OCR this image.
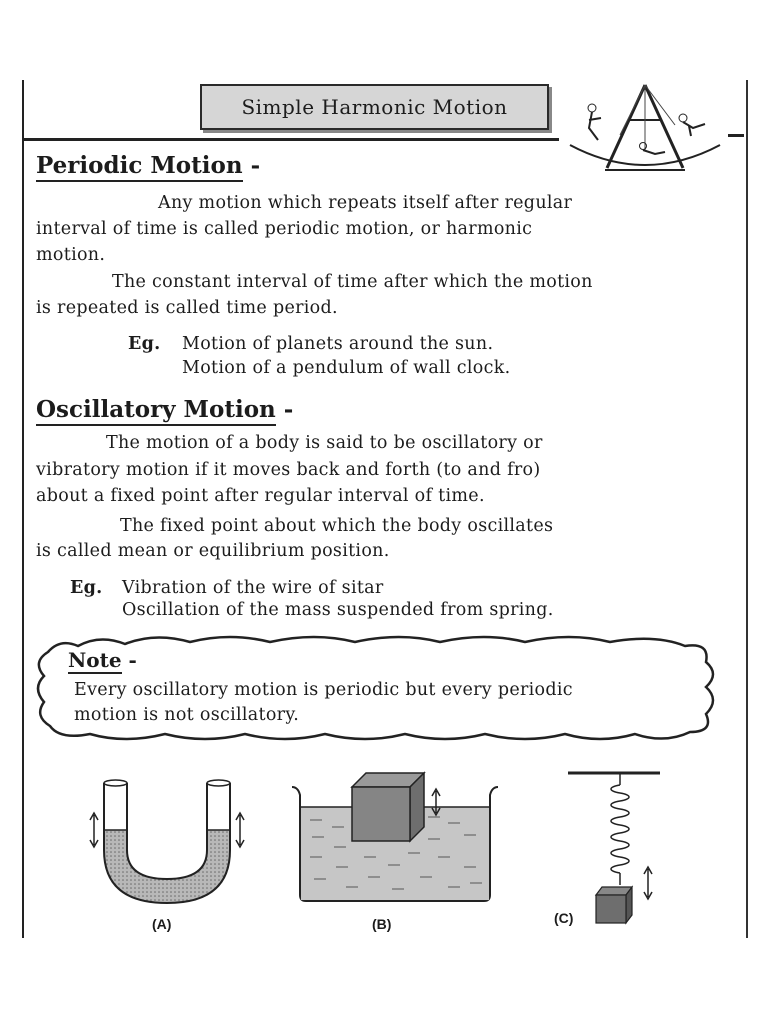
Simple Harmonic Motion
Periodic Motion -
Any motion which repeats itself after regular
interval of time is called periodic motion, or harmonic
motion.
The constant interval of time after which the motion
is repeated is called time period.
Eg. Motion of planets around the sun.
Motion of a pendulum of wall clock.
Oscillatory Motion -
The motion of a body is said to be oscillatory or
vibratory motion if it moves back and forth (to and fro)
about a fixed point after regular interval of time.
The fixed point about which the body oscillates
is called mean or equilibrium position.
Eg. Vibration of the wire of sitar
Oscillation of the mass suspended from spring.
Note -
Every oscillatory motion is periodic but every periodic
motion is not oscillatory.
(A)	(B)	(C)
